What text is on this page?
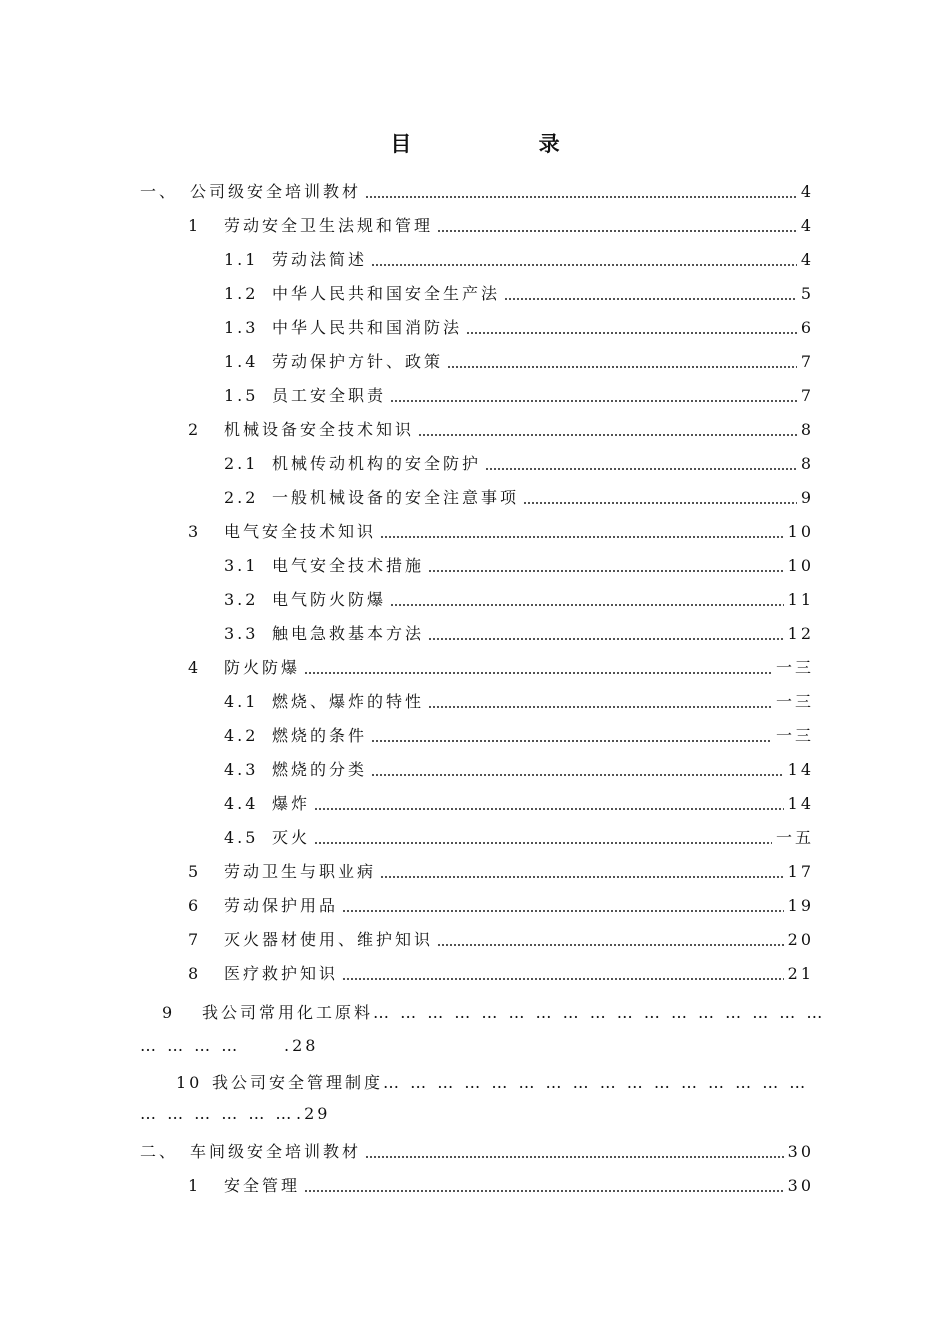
目 录
一、 公司级安全培训教材	4
1	劳动安全卫生法规和管理	4
1.1 劳动法简述	4
1.2 中华人民共和国安全生产法	5
1.3 中华人民共和国消防法	6
1.4 劳动保护方针、政策	7
1.5 员工安全职责	7
2	机械设备安全技术知识	8
2.1 机械传动机构的安全防护	8
2.2 一般机械设备的安全注意事项	9
3	电气安全技术知识	10
3.1 电气安全技术措施	10
3.2 电气防火防爆	11
3.3 触电急救基本方法	12
4	防火防爆	一三
4.1 燃烧、爆炸的特性	一三
4.2 燃烧的条件	一三
4.3 燃烧的分类	14
4.4 爆炸	14
4.5 灭火	一五
5	劳动卫生与职业病	17
6	劳动保护用品	19
7	灭火器材使用、维护知识	20
8	医疗救护知识	21
9 我公司常用化工原料… … … … … … … … … … … … … … … … …
… … … …	.28
10 我公司安全管理制度… … … … … … … … … … … … … … … …
… … … … … ….29
二、 车间级安全培训教材	30
1	安全管理	30
